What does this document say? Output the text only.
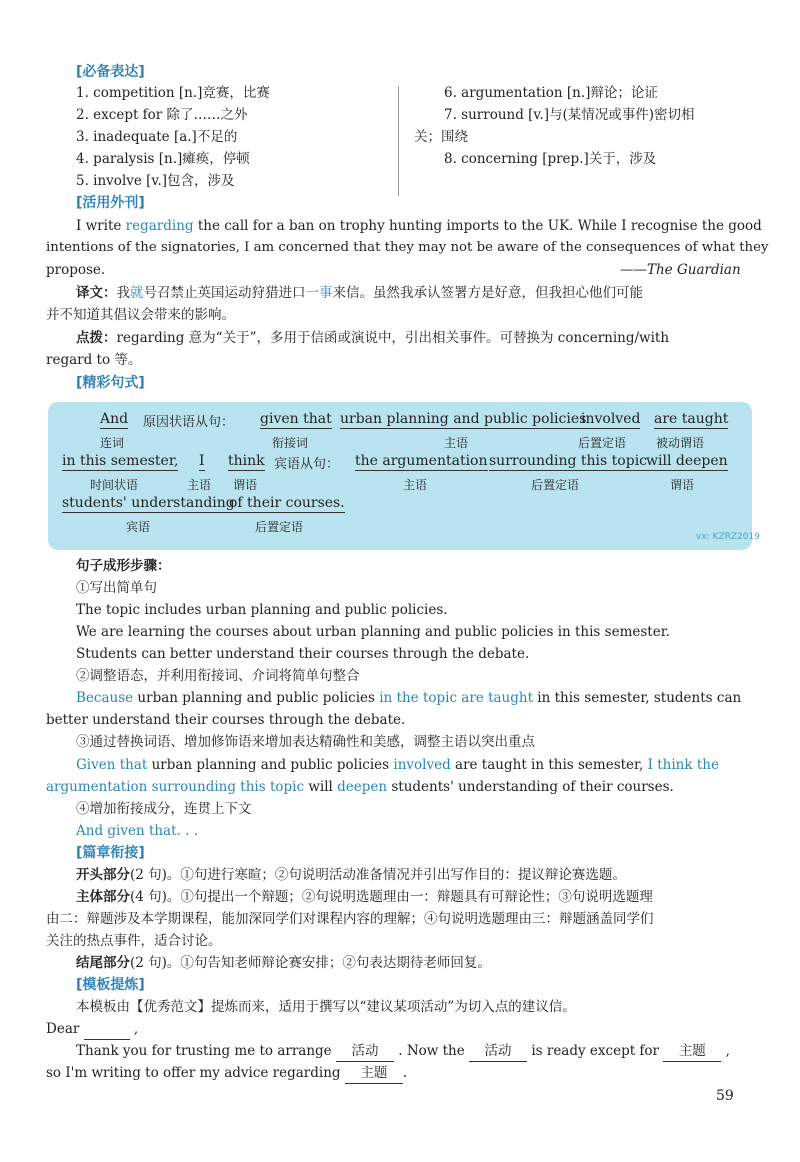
[必备表达]
1. competition [n.]竞赛，比赛
2. except for 除了……之外
3. inadequate [a.]不足的
4. paralysis [n.]瘫痪，停顿
5. involve [v.]包含，涉及
6. argumentation [n.]辩论；论证
7. surround [v.]与(某情况或事件)密切相
关；围绕
8. concerning [prep.]关于，涉及
[活用外刊]
I write regarding the call for a ban on trophy hunting imports to the UK. While I recognise the good
intentions of the signatories, I am concerned that they may not be aware of the consequences of what they
propose.	——The Guardian
译文：我就号召禁止英国运动狩猎进口一事来信。虽然我承认签署方是好意，但我担心他们可能
并不知道其倡议会带来的影响。
点拨：regarding 意为“关于”，多用于信函或演说中，引出相关事件。可替换为 concerning/with
regard to 等。
[精彩句式]
And
连词
原因状语从句： given that
衔接词
urban planning and public policies
主语
involved
后置定语
are taught
被动谓语
in this semester,
时间状语
I
主语
think
谓语
宾语从句： the argumentation
主语
surrounding this topic
后置定语
will deepen
谓语
students' understanding
宾语
of their courses.
后置定语
vx: KZRZ2019
句子成形步骤：
①写出简单句
The topic includes urban planning and public policies.
We are learning the courses about urban planning and public policies in this semester.
Students can better understand their courses through the debate.
②调整语态，并利用衔接词、介词将简单句整合
Because urban planning and public policies in the topic are taught in this semester, students can
better understand their courses through the debate.
③通过替换词语、增加修饰语来增加表达精确性和美感，调整主语以突出重点
Given that urban planning and public policies involved are taught in this semester, I think the
argumentation surrounding this topic will deepen students' understanding of their courses.
④增加衔接成分，连贯上下文
And given that. . .
[篇章衔接]
开头部分(2 句)。①句进行寒暄；②句说明活动准备情况并引出写作目的：提议辩论赛选题。
主体部分(4 句)。①句提出一个辩题；②句说明选题理由一：辩题具有可辩论性；③句说明选题理
由二：辩题涉及本学期课程，能加深同学们对课程内容的理解；④句说明选题理由三：辩题涵盖同学们
关注的热点事件，适合讨论。
结尾部分(2 句)。①句告知老师辩论赛安排；②句表达期待老师回复。
[模板提炼]
本模板由【优秀范文】提炼而来，适用于撰写以“建议某项活动”为切入点的建议信。
Dear	,
Thank you for trusting me to arrange 活动 . Now the 活动 is ready except for 主题 ,
so I'm writing to offer my advice regarding 主题 .
59
